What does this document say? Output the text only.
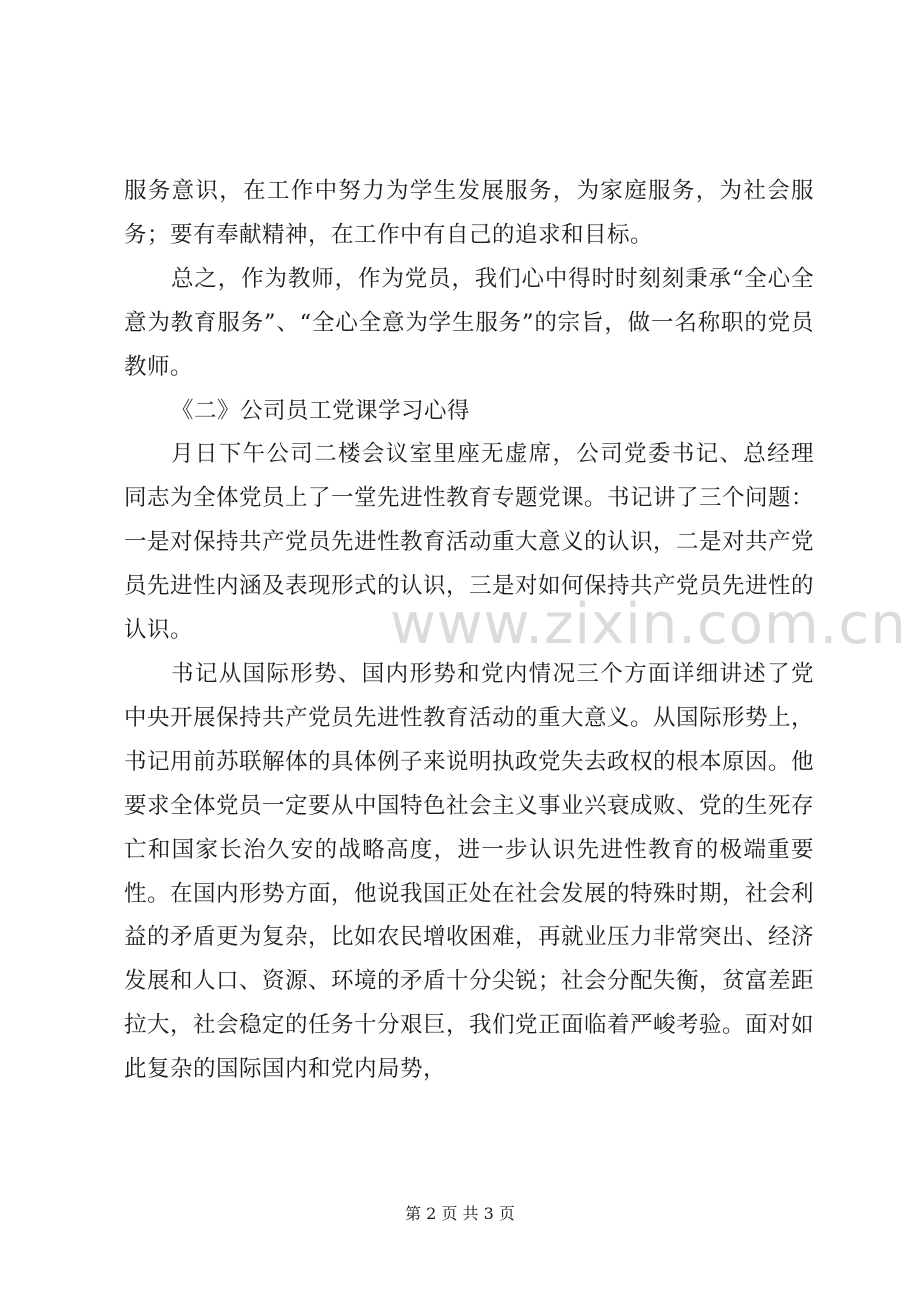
服务意识，在工作中努力为学生发展服务，为家庭服务，为社会服务；要有奉献精神，在工作中有自己的追求和目标。

总之，作为教师，作为党员，我们心中得时时刻刻秉承“全心全意为教育服务”、“全心全意为学生服务”的宗旨，做一名称职的党员教师。

《二》公司员工党课学习心得

月日下午公司二楼会议室里座无虚席，公司党委书记、总经理同志为全体党员上了一堂先进性教育专题党课。书记讲了三个问题：一是对保持共产党员先进性教育活动重大意义的认识，二是对共产党员先进性内涵及表现形式的认识，三是对如何保持共产党员先进性的认识。

书记从国际形势、国内形势和党内情况三个方面详细讲述了党中央开展保持共产党员先进性教育活动的重大意义。从国际形势上，书记用前苏联解体的具体例子来说明执政党失去政权的根本原因。他要求全体党员一定要从中国特色社会主义事业兴衰成败、党的生死存亡和国家长治久安的战略高度，进一步认识先进性教育的极端重要性。在国内形势方面，他说我国正处在社会发展的特殊时期，社会利益的矛盾更为复杂，比如农民增收困难，再就业压力非常突出、经济发展和人口、资源、环境的矛盾十分尖锐；社会分配失衡，贫富差距拉大，社会稳定的任务十分艰巨，我们党正面临着严峻考验。面对如此复杂的国际国内和党内局势，

www.zixin.com.cn
第 2 页 共 3 页
